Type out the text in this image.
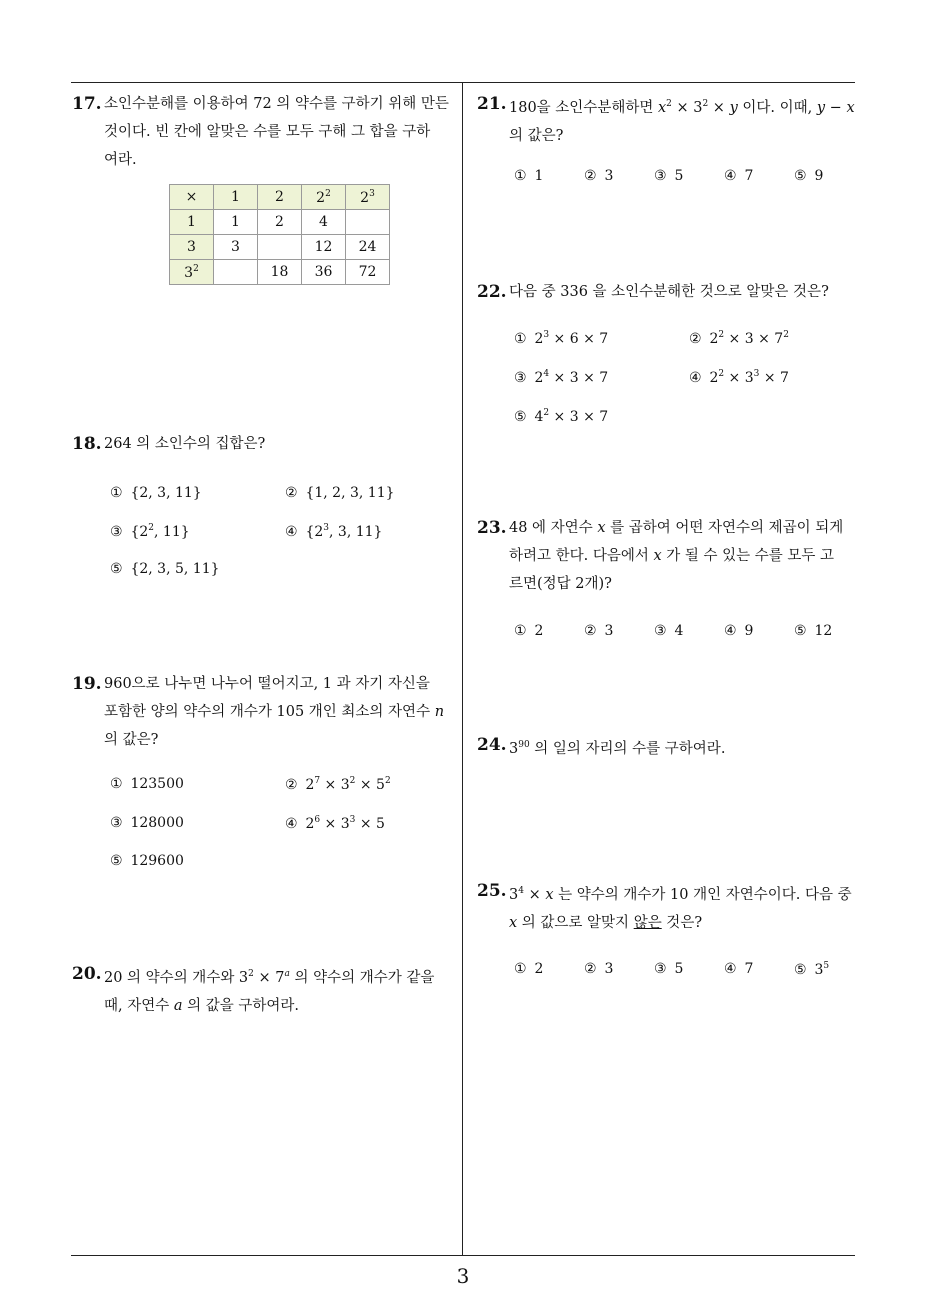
17. 소인수분해를 이용하여 72 의 약수를 구하기 위해 만든
것이다. 빈 칸에 알맞은 수를 모두 구해 그 합을 구하
여라.
×	1	2	$2^2$	$2^3$
1	1	2	4	
3	3		12	24
$3^2$		18	36	72
18. 264 의 소인수의 집합은?
① {2, 3, 11}	② {1, 2, 3, 11}
③ {$2^2$, 11}	④ {$2^3$, 3, 11}
⑤ {2, 3, 5, 11}
19. 960으로 나누면 나누어 떨어지고, 1 과 자기 자신을
포함한 양의 약수의 개수가 105 개인 최소의 자연수 n
의 값은?
① 123500	② $2^7 \times 3^2 \times 5^2$
③ 128000	④ $2^6 \times 3^3 \times 5$
⑤ 129600
20. 20 의 약수의 개수와 $3^2 \times 7^a$ 의 약수의 개수가 같을
때, 자연수 a 의 값을 구하여라.
21. 180을 소인수분해하면 $x^2 \times 3^2 \times y$ 이다. 이때, y − x
의 값은?
① 1	② 3	③ 5	④ 7	⑤ 9
22. 다음 중 336 을 소인수분해한 것으로 알맞은 것은?
① $2^3 \times 6 \times 7$	② $2^2 \times 3 \times 7^2$
③ $2^4 \times 3 \times 7$	④ $2^2 \times 3^3 \times 7$
⑤ $4^2 \times 3 \times 7$
23. 48 에 자연수 x 를 곱하여 어떤 자연수의 제곱이 되게
하려고 한다. 다음에서 x 가 될 수 있는 수를 모두 고
르면(정답 2개)?
① 2	② 3	③ 4	④ 9	⑤ 12
24. $3^{90}$ 의 일의 자리의 수를 구하여라.
25. $3^4 \times x$ 는 약수의 개수가 10 개인 자연수이다. 다음 중
x 의 값으로 알맞지 않은 것은?
① 2	② 3	③ 5	④ 7	⑤ $3^5$
3
